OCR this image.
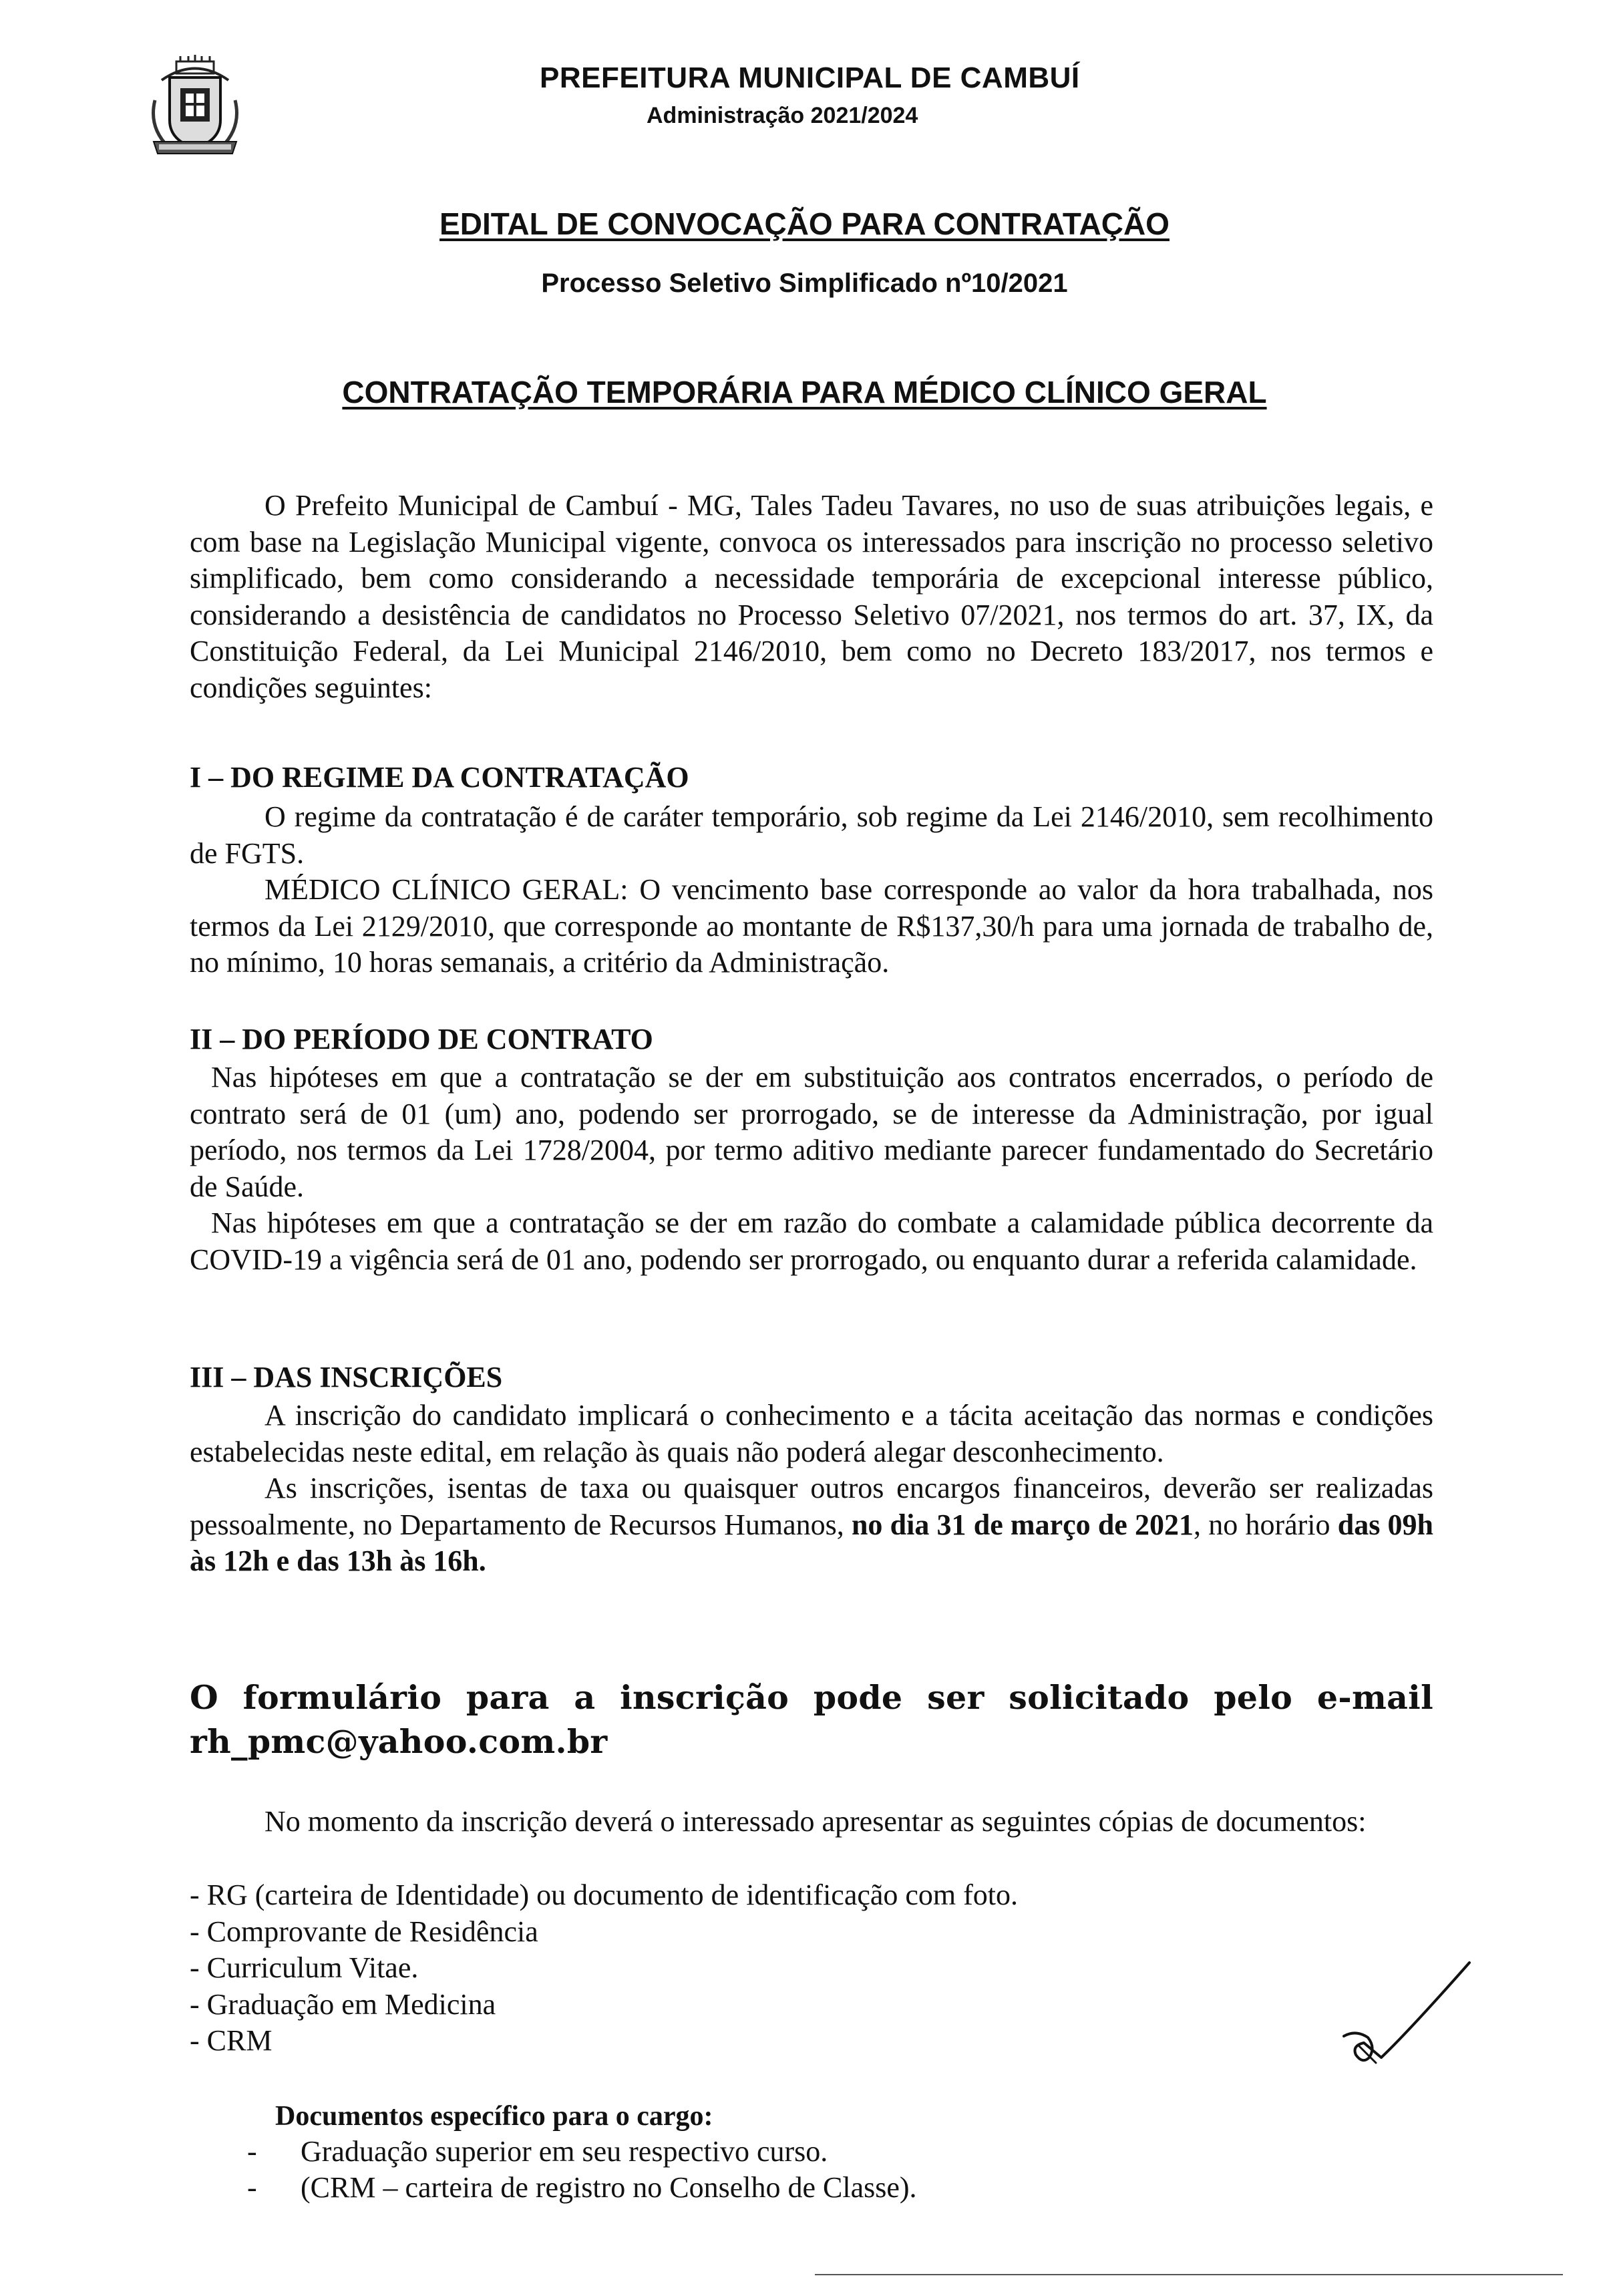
PREFEITURA MUNICIPAL DE CAMBUÍ
Administração 2021/2024
EDITAL DE CONVOCAÇÃO PARA CONTRATAÇÃO
Processo Seletivo Simplificado nº10/2021
CONTRATAÇÃO TEMPORÁRIA PARA MÉDICO CLÍNICO GERAL

O Prefeito Municipal de Cambuí - MG, Tales Tadeu Tavares, no uso de suas atribuições legais, e com base na Legislação Municipal vigente, convoca os interessados para inscrição no processo seletivo simplificado, bem como considerando a necessidade temporária de excepcional interesse público, considerando a desistência de candidatos no Processo Seletivo 07/2021, nos termos do art. 37, IX, da Constituição Federal, da Lei Municipal 2146/2010, bem como no Decreto 183/2017, nos termos e condições seguintes:

I – DO REGIME DA CONTRATAÇÃO

O regime da contratação é de caráter temporário, sob regime da Lei 2146/2010, sem recolhimento de FGTS.

MÉDICO CLÍNICO GERAL: O vencimento base corresponde ao valor da hora trabalhada, nos termos da Lei 2129/2010, que corresponde ao montante de R$137,30/h para uma jornada de trabalho de, no mínimo, 10 horas semanais, a critério da Administração.

II – DO PERÍODO DE CONTRATO

Nas hipóteses em que a contratação se der em substituição aos contratos encerrados, o período de contrato será de 01 (um) ano, podendo ser prorrogado, se de interesse da Administração, por igual período, nos termos da Lei 1728/2004, por termo aditivo mediante parecer fundamentado do Secretário de Saúde.

Nas hipóteses em que a contratação se der em razão do combate a calamidade pública decorrente da COVID-19 a vigência será de 01 ano, podendo ser prorrogado, ou enquanto durar a referida calamidade.

III – DAS INSCRIÇÕES

A inscrição do candidato implicará o conhecimento e a tácita aceitação das normas e condições estabelecidas neste edital, em relação às quais não poderá alegar desconhecimento.

As inscrições, isentas de taxa ou quaisquer outros encargos financeiros, deverão ser realizadas pessoalmente, no Departamento de Recursos Humanos, no dia 31 de março de 2021, no horário das 09h às 12h e das 13h às 16h.

O formulário para a inscrição pode ser solicitado pelo e-mail rh_pmc@yahoo.com.br

No momento da inscrição deverá o interessado apresentar as seguintes cópias de documentos:

- RG (carteira de Identidade) ou documento de identificação com foto.
- Comprovante de Residência
- Curriculum Vitae.
- Graduação em Medicina
- CRM
Documentos específico para o cargo:
-	Graduação superior em seu respectivo curso.
-	(CRM – carteira de registro no Conselho de Classe).
